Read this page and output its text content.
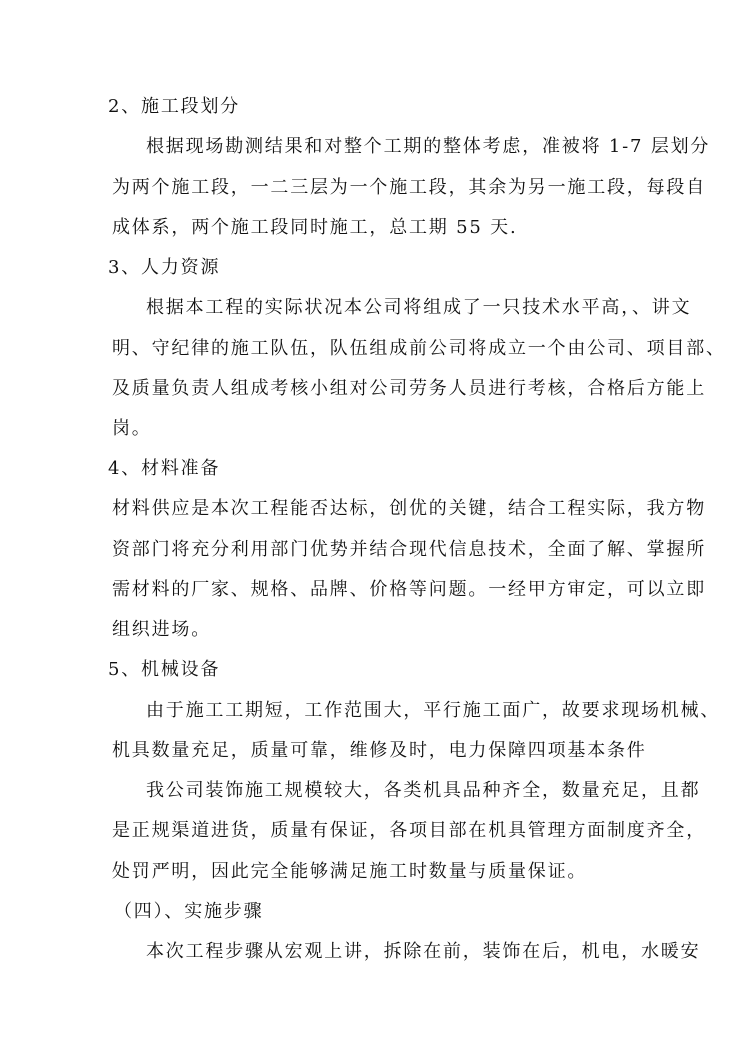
2、施工段划分
根据现场勘测结果和对整个工期的整体考虑，准被将 1-7 层划分
为两个施工段，一二三层为一个施工段，其余为另一施工段，每段自
成体系，两个施工段同时施工，总工期 55 天.
3、人力资源
根据本工程的实际状况本公司将组成了一只技术水平高，、讲文
明、守纪律的施工队伍，队伍组成前公司将成立一个由公司、项目部、
及质量负责人组成考核小组对公司劳务人员进行考核，合格后方能上
岗。
4、材料准备
材料供应是本次工程能否达标，创优的关键，结合工程实际，我方物
资部门将充分利用部门优势并结合现代信息技术，全面了解、掌握所
需材料的厂家、规格、品牌、价格等问题。一经甲方审定，可以立即
组织进场。
5、机械设备
由于施工工期短，工作范围大，平行施工面广，故要求现场机械、
机具数量充足，质量可靠，维修及时，电力保障四项基本条件
我公司装饰施工规模较大，各类机具品种齐全，数量充足，且都
是正规渠道进货，质量有保证，各项目部在机具管理方面制度齐全，
处罚严明，因此完全能够满足施工时数量与质量保证。
（四）、实施步骤
本次工程步骤从宏观上讲，拆除在前，装饰在后，机电，水暖安
